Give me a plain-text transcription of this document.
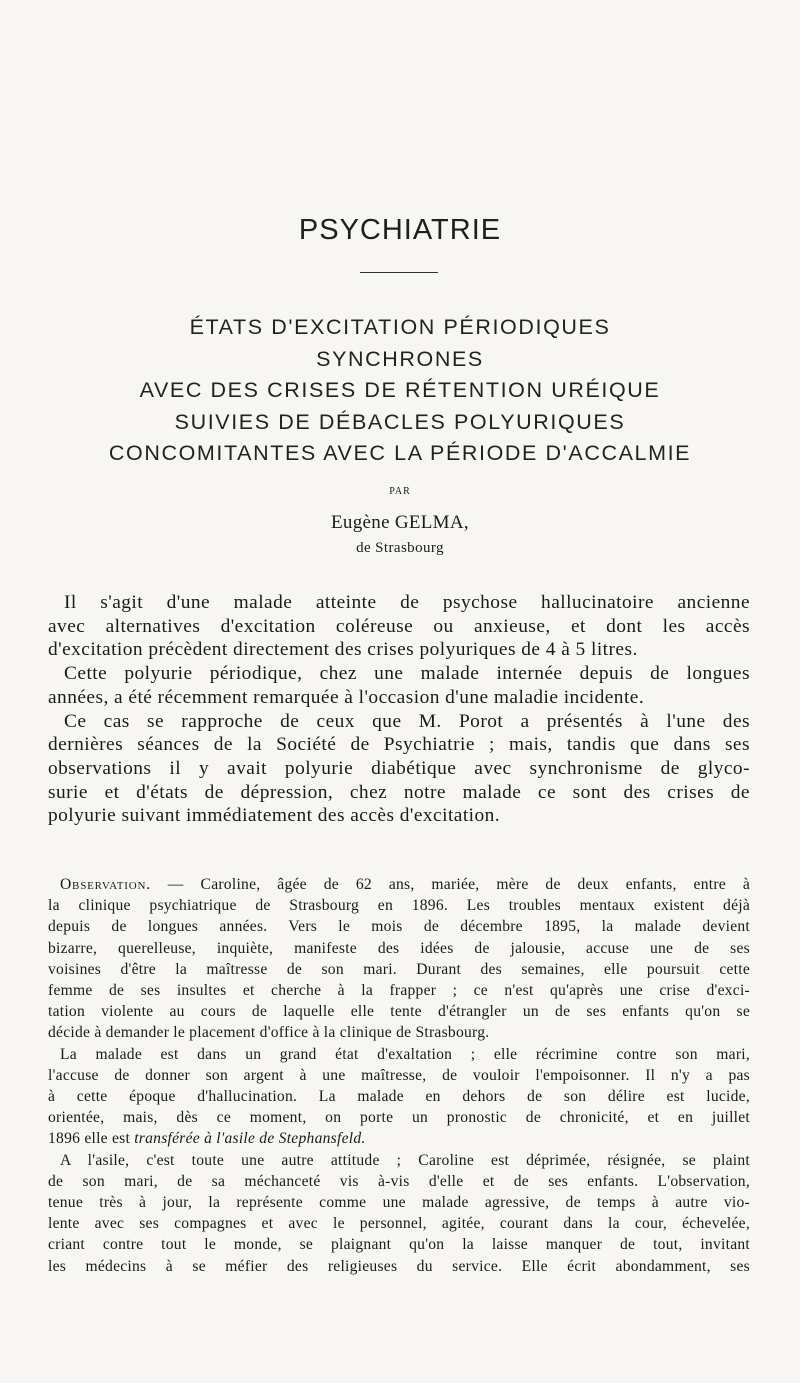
PSYCHIATRIE
ÉTATS D'EXCITATION PÉRIODIQUES
SYNCHRONES
AVEC DES CRISES DE RÉTENTION URÉIQUE
SUIVIES DE DÉBACLES POLYURIQUES
CONCOMITANTES AVEC LA PÉRIODE D'ACCALMIE
PAR
Eugène GELMA,
de Strasbourg
Il s'agit d'une malade atteinte de psychose hallucinatoire ancienne
avec alternatives d'excitation coléreuse ou anxieuse, et dont les accès
d'excitation précèdent directement des crises polyuriques de 4 à 5 litres.
Cette polyurie périodique, chez une malade internée depuis de longues
années, a été récemment remarquée à l'occasion d'une maladie incidente.
Ce cas se rapproche de ceux que M. Porot a présentés à l'une des
dernières séances de la Société de Psychiatrie ; mais, tandis que dans ses
observations il y avait polyurie diabétique avec synchronisme de glyco-
surie et d'états de dépression, chez notre malade ce sont des crises de
polyurie suivant immédiatement des accès d'excitation.
Observation. — Caroline, âgée de 62 ans, mariée, mère de deux enfants, entre à
la clinique psychiatrique de Strasbourg en 1896. Les troubles mentaux existent déjà
depuis de longues années. Vers le mois de décembre 1895, la malade devient
bizarre, querelleuse, inquiète, manifeste des idées de jalousie, accuse une de ses
voisines d'être la maîtresse de son mari. Durant des semaines, elle poursuit cette
femme de ses insultes et cherche à la frapper ; ce n'est qu'après une crise d'exci-
tation violente au cours de laquelle elle tente d'étrangler un de ses enfants qu'on se
décide à demander le placement d'office à la clinique de Strasbourg.
La malade est dans un grand état d'exaltation ; elle récrimine contre son mari,
l'accuse de donner son argent à une maîtresse, de vouloir l'empoisonner. Il n'y a pas
à cette époque d'hallucination. La malade en dehors de son délire est lucide,
orientée, mais, dès ce moment, on porte un pronostic de chronicité, et en juillet
1896 elle est transférée à l'asile de Stephansfeld.
A l'asile, c'est toute une autre attitude ; Caroline est déprimée, résignée, se plaint
de son mari, de sa méchanceté vis à-vis d'elle et de ses enfants. L'observation,
tenue très à jour, la représente comme une malade agressive, de temps à autre vio-
lente avec ses compagnes et avec le personnel, agitée, courant dans la cour, échevelée,
criant contre tout le monde, se plaignant qu'on la laisse manquer de tout, invitant
les médecins à se méfier des religieuses du service. Elle écrit abondamment, ses
